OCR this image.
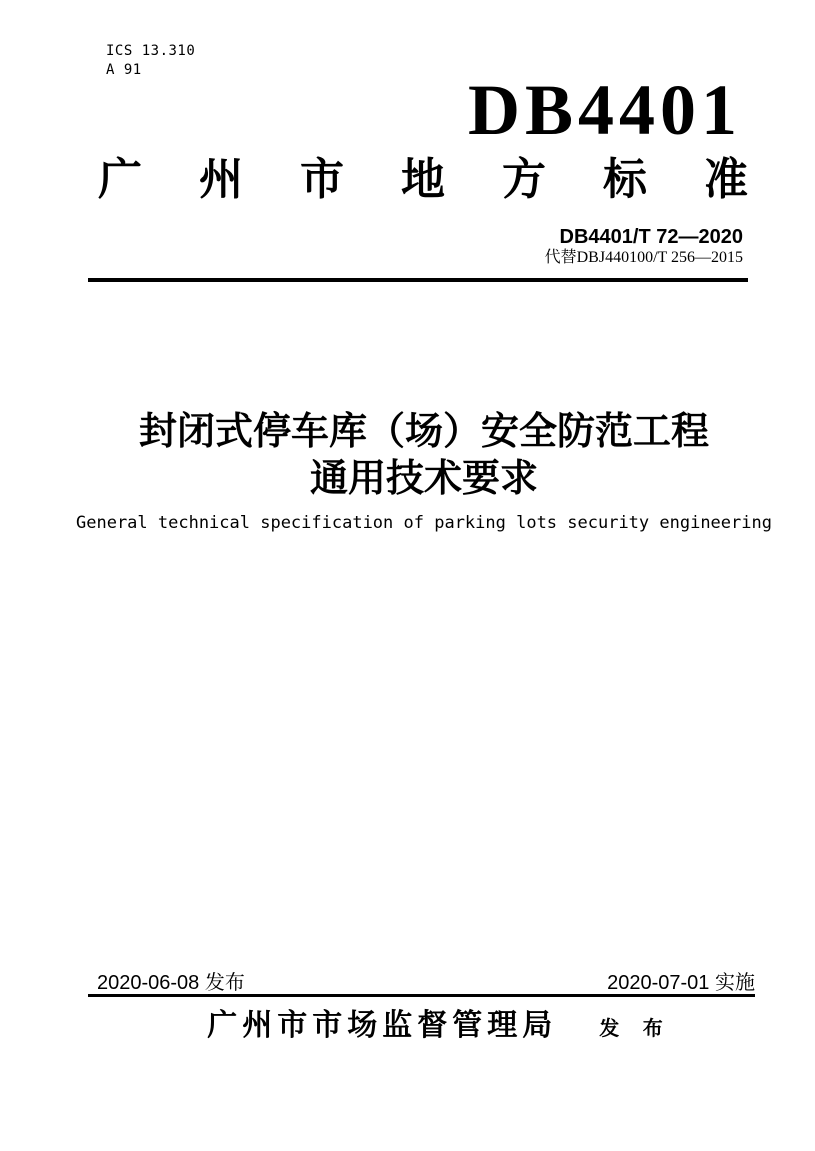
ICS 13.310
A 91	DB4401
广州市地方标准
DB4401/T 72—2020
代替DBJ440100/T 256—2015
封闭式停车库（场）安全防范工程
通用技术要求
General technical specification of parking lots security engineering
2020-06-08 发布	2020-07-01 实施
广州市市场监督管理局 发 布
